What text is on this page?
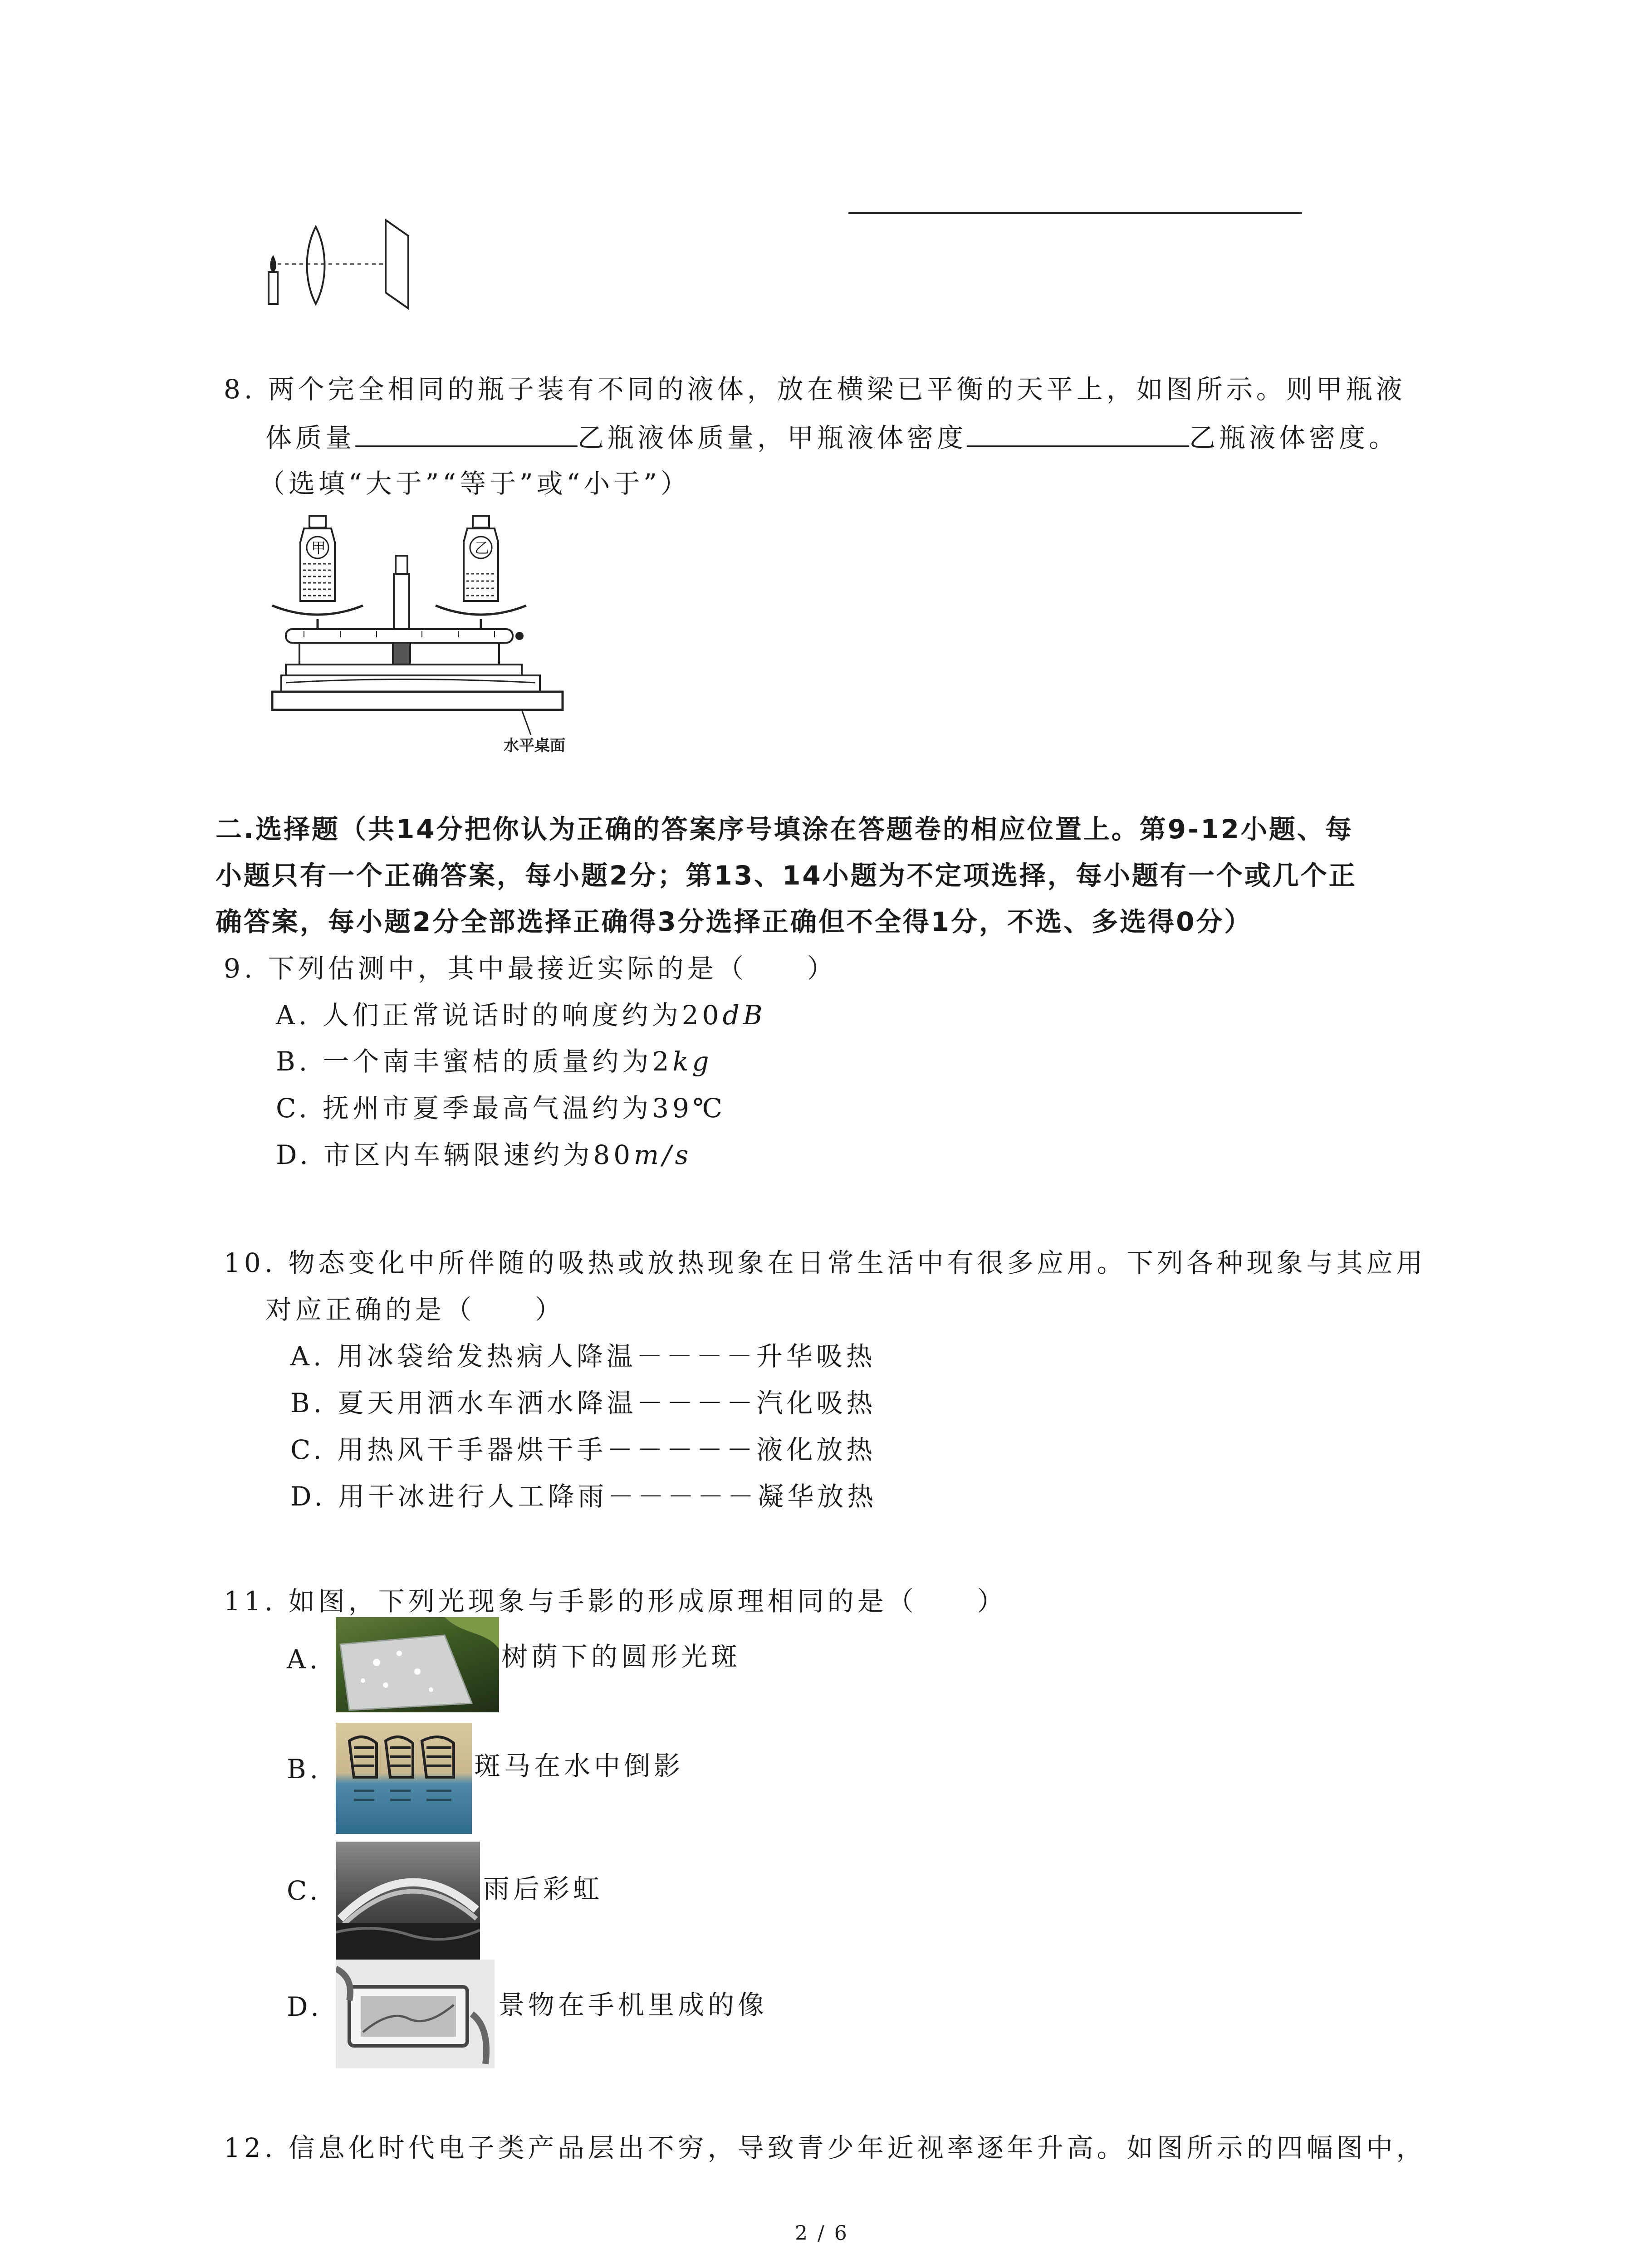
8. 两个完全相同的瓶子装有不同的液体，放在横梁已平衡的天平上，如图所示。则甲瓶液
体质量	乙瓶液体质量，甲瓶液体密度	乙瓶液体密度。
（选填“大于”“等于”或“小于”）
甲	乙
水平桌面
二.选择题（共14分把你认为正确的答案序号填涂在答题卷的相应位置上。第9-12小题、每
小题只有一个正确答案，每小题2分；第13、14小题为不定项选择，每小题有一个或几个正
确答案，每小题2分全部选择正确得3分选择正确但不全得1分，不选、多选得0分）
9. 下列估测中，其中最接近实际的是（　　）
A. 人们正常说话时的响度约为20dB
B. 一个南丰蜜桔的质量约为2kg
C. 抚州市夏季最高气温约为39℃
D. 市区内车辆限速约为80m/s
10. 物态变化中所伴随的吸热或放热现象在日常生活中有很多应用。下列各种现象与其应用
对应正确的是（　　）
A. 用冰袋给发热病人降温－－－－升华吸热
B. 夏天用洒水车洒水降温－－－－汽化吸热
C. 用热风干手器烘干手－－－－－液化放热
D. 用干冰进行人工降雨－－－－－凝华放热
11. 如图，下列光现象与手影的形成原理相同的是（　　）
A.	树荫下的圆形光斑
B.	斑马在水中倒影
C.	雨后彩虹
D.	景物在手机里成的像
12. 信息化时代电子类产品层出不穷，导致青少年近视率逐年升高。如图所示的四幅图中，
2 / 6
